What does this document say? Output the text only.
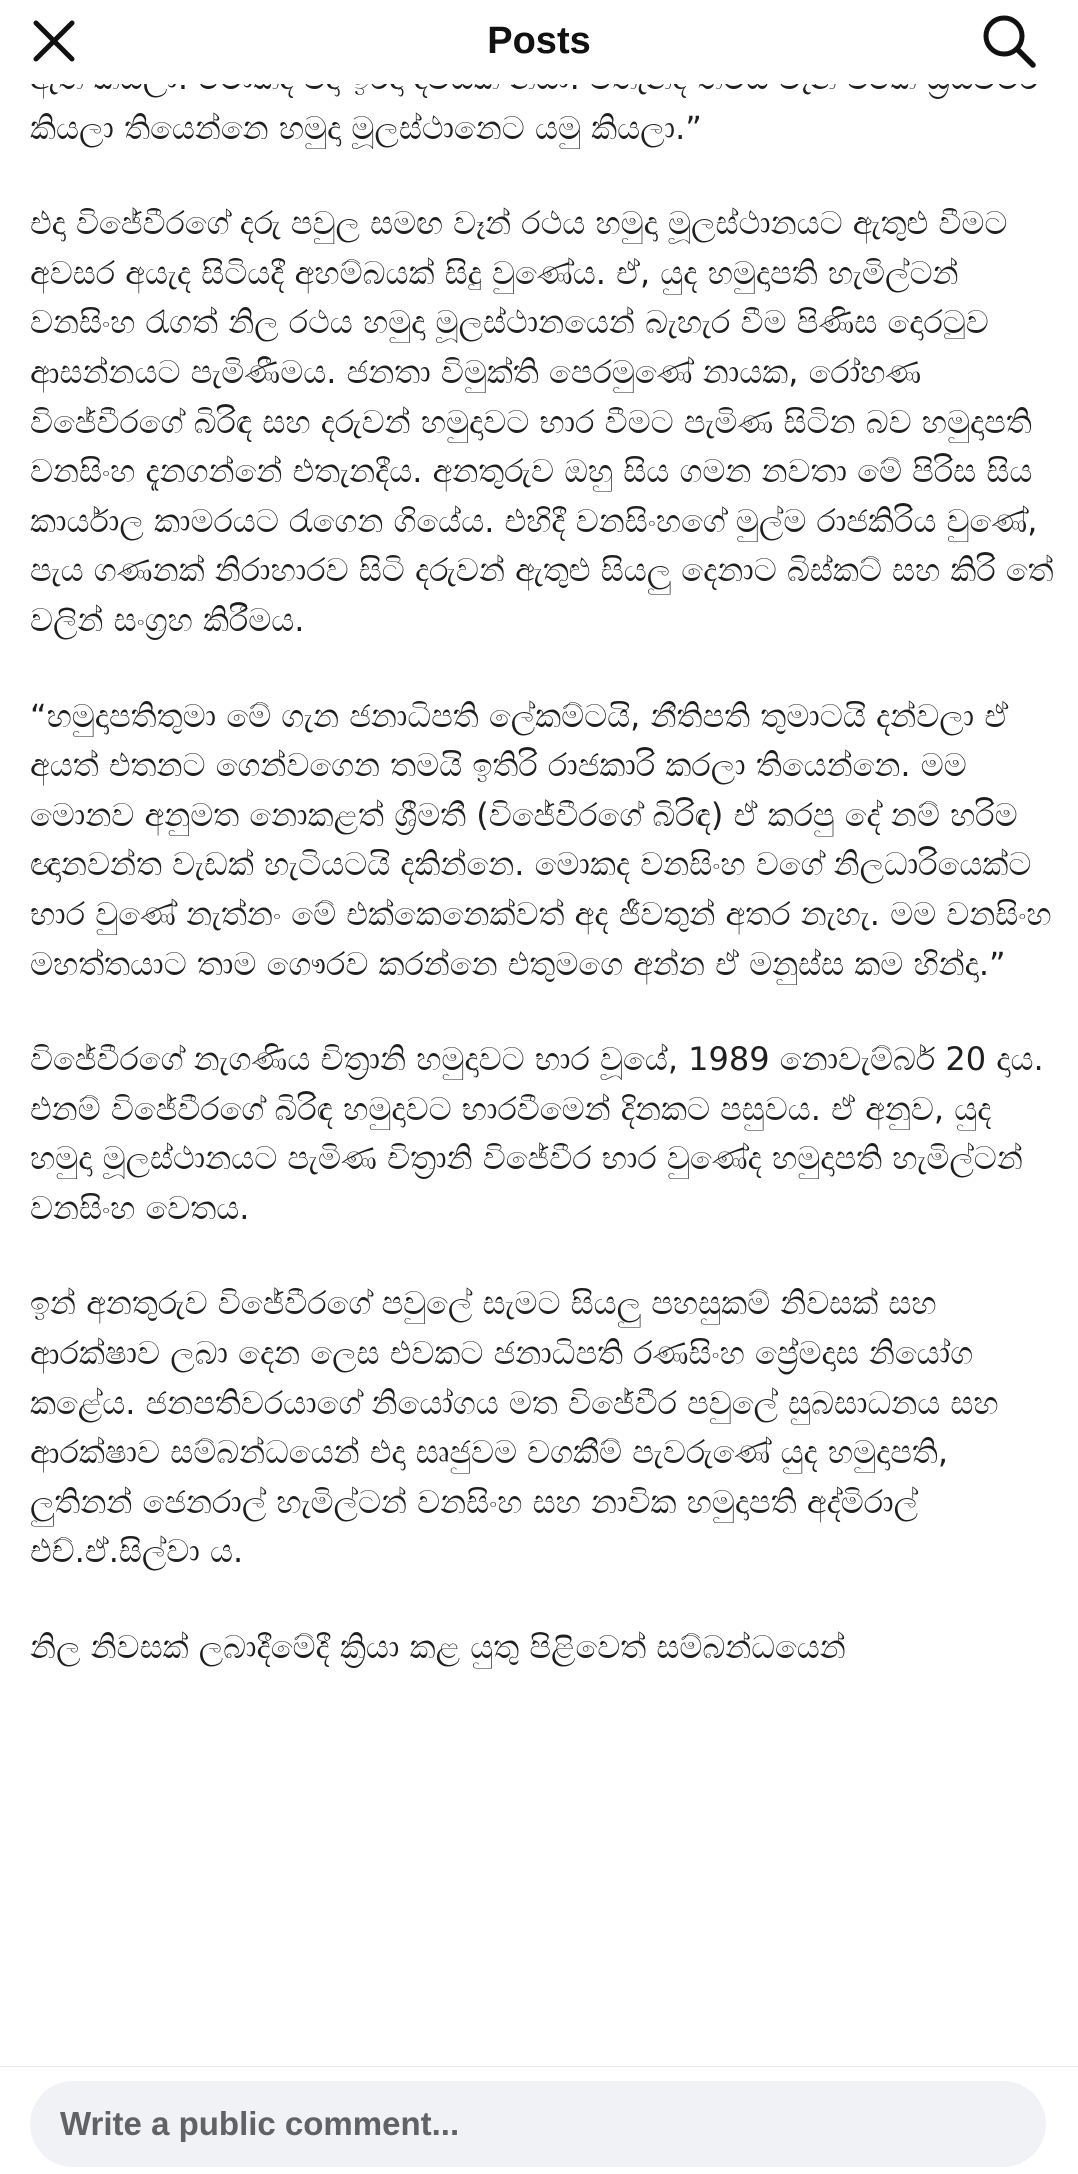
Posts

කියලා තියෙන්නෙ හමුදා මූලස්ථානෙට යමු කියලා.”

එදා විජේවීරගේ දරු පවුල සමඟ වෑන් රථය හමුදා මූලස්ථානයට ඇතුළු වීමට අවසර අයැද සිටියදී අහම්බයක් සිදු වුණේය. ඒ, යුද හමුදාපති හැමිල්ටන් වනසිංහ රැගත් නිල රථය හමුදා මූලස්ථානයෙන් බැහැර වීම පිණිස දොරටුව ආසන්නයට පැමිණීමය. ජනතා විමුක්ති පෙරමුණේ නායක, රෝහණ විජේවීරගේ බිරිඳ සහ දරුවන් හමුදාවට භාර වීමට පැමිණ සිටින බව හමුදාපති වනසිංහ දැනගන්නේ එතැනදීය. අනතුරුව ඔහු සිය ගමන නවතා මේ පිරිස සිය කාර්යාල කාමරයට රැගෙන ගියේය. එහිදී වනසිංහගේ මුල්ම රාජකිරිය වුණේ, පැය ගණනක් නිරාහාරව සිටි දරුවන් ඇතුළු සියලු දෙනාට බිස්කට් සහ කිරි තේ වලින් සංග්‍රහ කිරීමය.

“හමුදාපතිතුමා මේ ගැන ජනාධිපති ලේකම්ටයි, නීතිපති තුමාටයි දන්වලා ඒ අයත් එතනට ගෙන්වගෙන තමයි ඉතිරි රාජකාරි කරලා තියෙන්නෙ. මම මොනව අනුමත නොකළත් ශ්‍රීමතී (විජේවීරගේ බිරිඳ) ඒ කරපු දේ නම් හරිම ඥානවන්ත වැඩක් හැටියටයි දකින්නෙ. මොකද වනසිංහ වගේ නිලධාරියෙක්ට භාර වුණේ නැත්නං මේ එක්කෙනෙක්වත් අද ජීවතුන් අතර නැහැ. මම වනසිංහ මහත්තයාට තාම ගෞරව කරන්නෙ එතුමගෙ අන්න ඒ මනුස්ස කම හින්දා.”

විජේවීරගේ නැගණිය චිත්‍රානි හමුදාවට භාර වූයේ, 1989 නොවැම්බර් 20 දාය. එනම් විජේවීරගේ බිරිඳ හමුදාවට භාරවීමෙන් දිනකට පසුවය. ඒ අනුව, යුද හමුදා මූලස්ථානයට පැමිණ චිත්‍රානි විජේවීර භාර වුණේද හමුදාපති හැමිල්ටන් වනසිංහ වෙතය.

ඉන් අනතුරුව විජේවීරගේ පවුලේ සැමට සියලු පහසුකම් නිවසක් සහ ආරක්ෂාව ලබා දෙන ලෙස එවකට ජනාධිපති රණසිංහ ප්‍රේමදාස නියෝග කළේය. ජනපතිවරයාගේ නියෝගය මත විජේවීර පවුලේ සුබසාධනය සහ ආරක්ෂාව සම්බන්ධයෙන් එදා සෘජුවම වගකීම් පැවරුණේ යුද හමුදාපති, ලුතිනන් ජෙනරාල් හැමිල්ටන් වනසිංහ සහ නාවික හමුදාපති අද්මිරාල් එච්.ඒ.සිල්වා ය.

නිල නිවසක් ලබාදීමේදී ක්‍රියා කළ යුතු පිළිවෙත් සම්බන්ධයෙන්

Write a public comment...
